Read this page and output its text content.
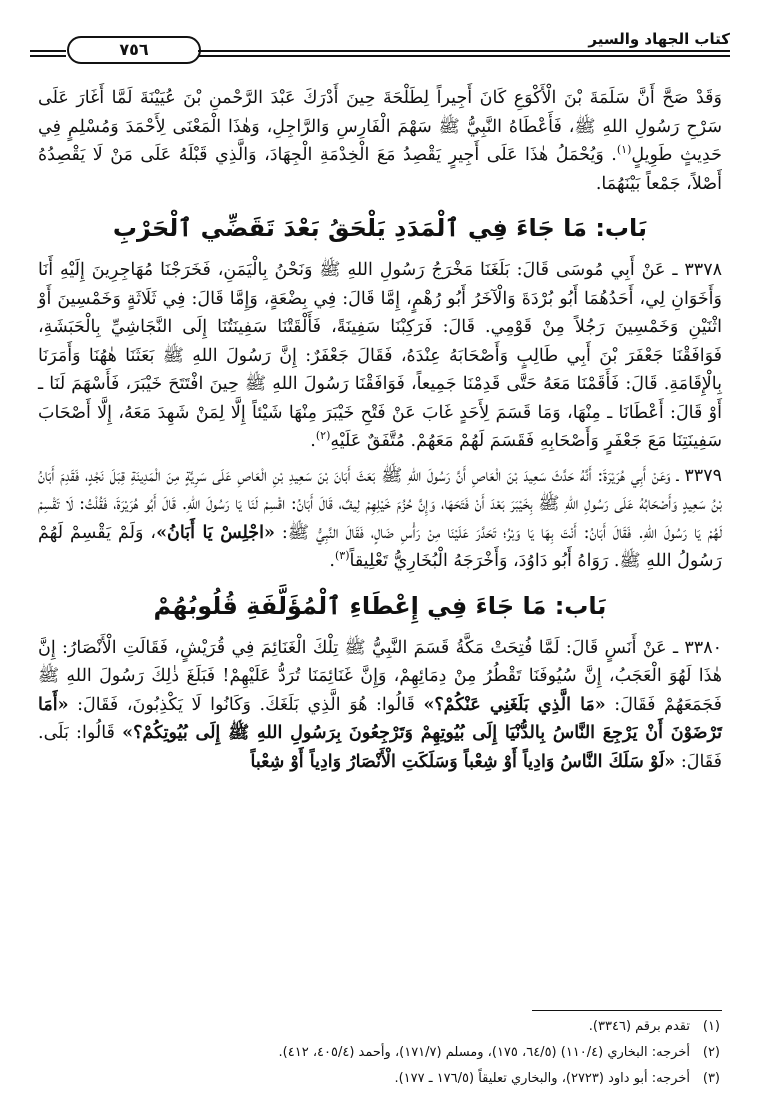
كتاب الجهاد والسير
٧٥٦

وَقَدْ صَحَّ أَنَّ سَلَمَةَ بْنَ الْأَكْوَعِ كَانَ أَجِيراً لِطَلْحَةَ حِينَ أَدْرَكَ عَبْدَ الرَّحْمنِ بْنَ عُيَيْنَةَ لَمَّا أَغَارَ عَلَى سَرْحِ رَسُولِ اللهِ ﷺ، فَأَعْطَاهُ النَّبِيُّ ﷺ سَهْمَ الْفَارِسِ وَالرَّاجِلِ، وَهٰذَا الْمَعْنَى لِأَحْمَدَ وَمُسْلِمٍ فِي حَدِيثٍ طَوِيلٍ$^{(١)}$. وَيُحْمَلُ هٰذَا عَلَى أَجِيرٍ يَقْصِدُ مَعَ الْخِدْمَةِ الْجِهَادَ، وَالَّذِي قَبْلَهُ عَلَى مَنْ لَا يَقْصِدُهُ أَصْلاً، جَمْعاً بَيْنَهُمَا.

بَاب: مَا جَاءَ فِي ٱلْمَدَدِ يَلْحَقُ بَعْدَ تَقَضِّي ٱلْحَرْبِ

٣٣٧٨ ـ عَنْ أَبِي مُوسَى قَالَ: بَلَغَنَا مَخْرَجُ رَسُولِ اللهِ ﷺ وَنَحْنُ بِالْيَمَنِ، فَخَرَجْنَا مُهَاجِرِينَ إِلَيْهِ أَنَا وَأَخَوَانِ لِي، أَحَدُهُمَا أَبُو بُرْدَةَ وَالْآخَرُ أَبُو رُهْمٍ، إِمَّا قَالَ: فِي بِضْعَةٍ، وَإِمَّا قَالَ: فِي ثَلَاثَةٍ وَخَمْسِينَ أَوْ اثْنَيْنِ وَخَمْسِينَ رَجُلاً مِنْ قَوْمِي. قَالَ: فَرَكِبْنَا سَفِينَةً، فَأَلْقَتْنَا سَفِينَتُنَا إِلَى النَّجَاشِيِّ بِالْحَبَشَةِ، فَوَافَقْنَا جَعْفَرَ بْنَ أَبِي طَالِبٍ وَأَصْحَابَهُ عِنْدَهُ، فَقَالَ جَعْفَرٌ: إِنَّ رَسُولَ اللهِ ﷺ بَعَثَنَا هٰهُنَا وَأَمَرَنَا بِالْإِقَامَةِ. قَالَ: فَأَقَمْنَا مَعَهُ حَتَّى قَدِمْنَا جَمِيعاً، فَوَافَقْنَا رَسُولَ اللهِ ﷺ حِينَ افْتَتَحَ خَيْبَرَ، فَأَسْهَمَ لَنَا ـ أَوْ قَالَ: أَعْطَانَا ـ مِنْهَا، وَمَا قَسَمَ لِأَحَدٍ غَابَ عَنْ فَتْحِ خَيْبَرَ مِنْهَا شَيْئاً إِلَّا لِمَنْ شَهِدَ مَعَهُ، إِلَّا أَصْحَابَ سَفِينَتِنَا مَعَ جَعْفَرٍ وَأَصْحَابِهِ فَقَسَمَ لَهُمْ مَعَهُمْ. مُتَّفَقٌ عَلَيْهِ$^{(٢)}$.

٣٣٧٩ ـ وَعَنْ أَبِي هُرَيْرَةَ: أَنَّهُ حَدَّثَ سَعِيدَ بْنَ الْعَاصِ أَنَّ رَسُولَ اللهِ ﷺ بَعَثَ أَبَانَ بْنَ سَعِيدِ بْنِ الْعَاصِ عَلَى سَرِيَّةٍ مِنَ الْمَدِينَةِ قِبَلَ نَجْدٍ، فَقَدِمَ أَبَانُ بْنُ سَعِيدٍ وَأَصْحَابُهُ عَلَى رَسُولِ اللهِ ﷺ بِخَيْبَرَ بَعْدَ أَنْ فَتَحَهَا، وَإِنَّ حُزُمَ خَيْلِهِمْ لِيفٌ، قَالَ أَبَانُ: اقْسِمْ لَنَا يَا رَسُولَ اللهِ. قَالَ أَبُو هُرَيْرَةَ، فَقُلْتُ: لَا تَقْسِمْ لَهُمْ يَا رَسُولَ اللهِ. فَقَالَ أَبَانُ: أَنْتَ بِهَا يَا وَبْرُ؛ تَحَدَّرَ عَلَيْنَا مِنْ رَأْسِ ضَالٍ، فَقَالَ النَّبِيُّ ﷺ: «اجْلِسْ يَا أَبَانُ»، وَلَمْ يَقْسِمْ لَهُمْ رَسُولُ اللهِ ﷺ. رَوَاهُ أَبُو دَاوُدَ، وَأَخْرَجَهُ الْبُخَارِيُّ تَعْلِيقاً$^{(٣)}$.

بَاب: مَا جَاءَ فِي إِعْطَاءِ ٱلْمُؤَلَّفَةِ قُلُوبُهُمْ

٣٣٨٠ ـ عَنْ أَنَسٍ قَالَ: لَمَّا فُتِحَتْ مَكَّةُ قَسَمَ النَّبِيُّ ﷺ تِلْكَ الْغَنَائِمَ فِي قُرَيْشٍ، فَقَالَتِ الْأَنْصَارُ: إِنَّ هٰذَا لَهُوَ الْعَجَبُ، إِنَّ سُيُوفَنَا تَقْطُرُ مِنْ دِمَائِهِمْ، وَإِنَّ غَنَائِمَنَا تُرَدُّ عَلَيْهِمْ! فَبَلَغَ ذٰلِكَ رَسُولَ اللهِ ﷺ فَجَمَعَهُمْ فَقَالَ: «مَا الَّذِي بَلَغَنِي عَنْكُمْ؟» قَالُوا: هُوَ الَّذِي بَلَغَكَ. وَكَانُوا لَا يَكْذِبُونَ، فَقَالَ: «أَمَا تَرْضَوْنَ أَنْ يَرْجِعَ النَّاسُ بِالدُّنْيَا إِلَى بُيُوتِهِمْ وَتَرْجِعُونَ بِرَسُولِ اللهِ ﷺ إِلَى بُيُوتِكُمْ؟» قَالُوا: بَلَى. فَقَالَ: «لَوْ سَلَكَ النَّاسُ وَادِياً أَوْ شِعْباً وَسَلَكَتِ الْأَنْصَارُ وَادِياً أَوْ شِعْباً

(١)تقدم برقم (٣٣٤٦).

(٢)أخرجه: البخاري (١١٠/٤) (٦٤/٥، ١٧٥)، ومسلم (١٧١/٧)، وأحمد (٤٠٥/٤، ٤١٢).

(٣)أخرجه: أبو داود (٢٧٢٣)، والبخاري تعليقاً (١٧٦/٥ ـ ١٧٧).
